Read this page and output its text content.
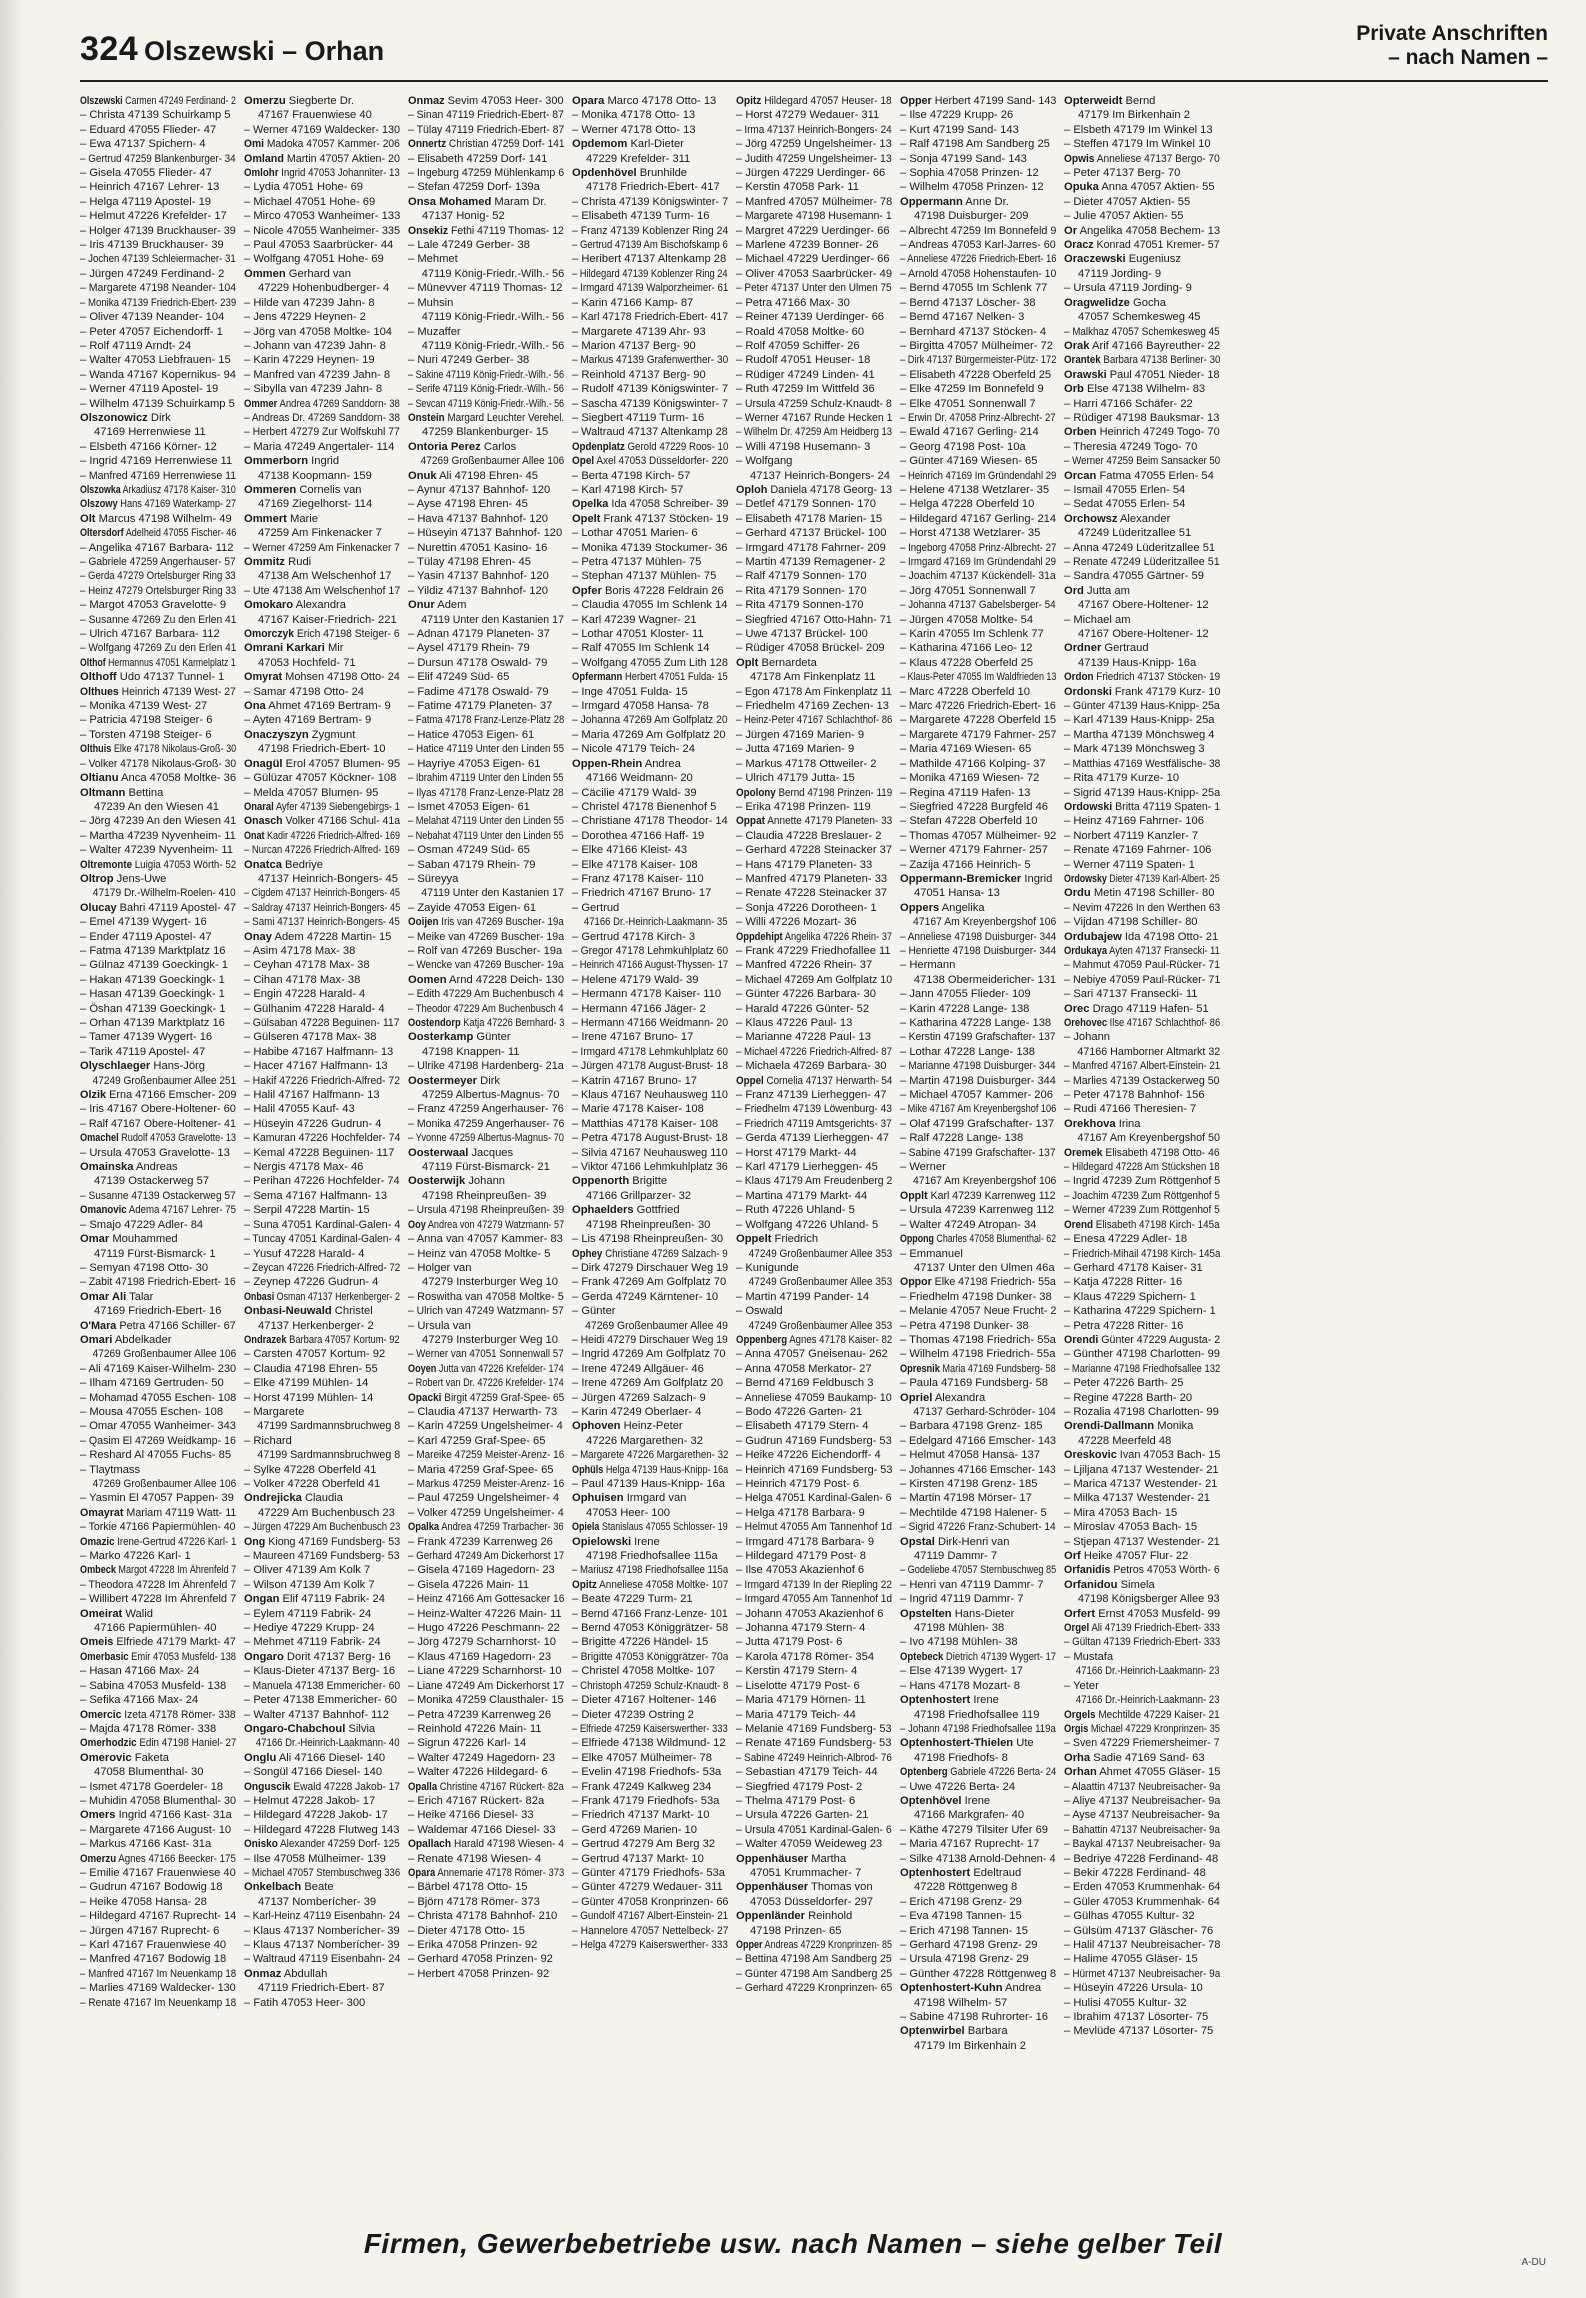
324 Olszewski – Orhan
Private Anschriften
– nach Namen –
Olszewski Carmen 47249 Ferdinand- 2
– Christa 47139 Schuirkamp 5
– Eduard 47055 Flieder- 47
– Ewa 47137 Spichern- 4
– Gertrud 47259 Blankenburger- 34
– Gisela 47055 Flieder- 47
– Heinrich 47167 Lehrer- 13
– Helga 47119 Apostel- 19
– Helmut 47226 Krefelder- 17
– Holger 47139 Bruckhauser- 39
– Iris 47139 Bruckhauser- 39
– Jochen 47139 Schleiermacher- 31
– Jürgen 47249 Ferdinand- 2
– Margarete 47198 Neander- 104
– Monika 47139 Friedrich-Ebert- 239
– Oliver 47139 Neander- 104
– Peter 47057 Eichendorff- 1
– Rolf 47119 Arndt- 24
– Walter 47053 Liebfrauen- 15
– Wanda 47167 Kopernikus- 94
– Werner 47119 Apostel- 19
– Wilhelm 47139 Schuirkamp 5
Olszonowicz Dirk
47169 Herrenwiese 11
– Elsbeth 47166 Körner- 12
– Ingrid 47169 Herrenwiese 11
– Manfred 47169 Herrenwiese 11
Olszowka Arkadiusz 47178 Kaiser- 310
Olszowy Hans 47169 Waterkamp- 27
Olt Marcus 47198 Wilhelm- 49
Oltersdorf Adelheid 47055 Fischer- 46
– Angelika 47167 Barbara- 112
– Gabriele 47259 Angerhauser- 57
– Gerda 47279 Ortelsburger Ring 33
– Heinz 47279 Ortelsburger Ring 33
– Margot 47053 Gravelotte- 9
– Susanne 47269 Zu den Erlen 41
– Ulrich 47167 Barbara- 112
– Wolfgang 47269 Zu den Erlen 41
Olthof Hermannus 47051 Karmelplatz 1
Olthoff Udo 47137 Tunnel- 1
Olthues Heinrich 47139 West- 27
– Monika 47139 West- 27
– Patricia 47198 Steiger- 6
– Torsten 47198 Steiger- 6
Olthuis Elke 47178 Nikolaus-Groß- 30
– Volker 47178 Nikolaus-Groß- 30
Oltianu Anca 47058 Moltke- 36
Oltmann Bettina
47239 An den Wiesen 41
– Jörg 47239 An den Wiesen 41
– Martha 47239 Nyvenheim- 11
– Walter 47239 Nyvenheim- 11
Oltremonte Luigia 47053 Wörth- 52
Oltrop Jens-Uwe
47179 Dr.-Wilhelm-Roelen- 410
Olucay Bahri 47119 Apostel- 47
– Emel 47139 Wygert- 16
– Ender 47119 Apostel- 47
– Fatma 47139 Marktplatz 16
– Gülnaz 47139 Goeckingk- 1
– Hakan 47139 Goeckingk- 1
– Hasan 47139 Goeckingk- 1
– Öshan 47139 Goeckingk- 1
– Orhan 47139 Marktplatz 16
– Tamer 47139 Wygert- 16
– Tarik 47119 Apostel- 47
Olyschlaeger Hans-Jörg
47249 Großenbaumer Allee 251
Olzik Erna 47166 Emscher- 209
– Iris 47167 Obere-Holtener- 60
– Ralf 47167 Obere-Holtener- 41
Omachel Rudolf 47053 Gravelotte- 13
– Ursula 47053 Gravelotte- 13
Omainska Andreas
47139 Ostackerweg 57
– Susanne 47139 Ostackerweg 57
Omanovic Adema 47167 Lehrer- 75
– Smajo 47229 Adler- 84
Omar Mouhammed
47119 Fürst-Bismarck- 1
– Semyan 47198 Otto- 30
– Zabit 47198 Friedrich-Ebert- 16
Omar Ali Talar
47169 Friedrich-Ebert- 16
O'Mara Petra 47166 Schiller- 67
Omari Abdelkader
47269 Großenbaumer Allee 106
– Ali 47169 Kaiser-Wilhelm- 230
– Ilham 47169 Gertruden- 50
– Mohamad 47055 Eschen- 108
– Mousa 47055 Eschen- 108
– Omar 47055 Wanheimer- 343
– Qasim El 47269 Weidkamp- 16
– Reshard Al 47055 Fuchs- 85
– Tlaytmass
47269 Großenbaumer Allee 106
– Yasmin El 47057 Pappen- 39
Omayrat Mariam 47119 Watt- 11
– Torkie 47166 Papiermühlen- 40
Omazic Irene-Gertrud 47226 Karl- 1
– Marko 47226 Karl- 1
Ombeck Margot 47228 Im Ährenfeld 7
– Theodora 47228 Im Ährenfeld 7
– Willibert 47228 Im Ährenfeld 7
Omeirat Walid
47166 Papiermühlen- 40
Omeis Elfriede 47179 Markt- 47
Omerbasic Emir 47053 Musfeld- 138
– Hasan 47166 Max- 24
– Sabina 47053 Musfeld- 138
– Sefika 47166 Max- 24
Omercic Izeta 47178 Römer- 338
– Majda 47178 Römer- 338
Omerhodzic Edin 47198 Haniel- 27
Omerovic Faketa
47058 Blumenthal- 30
– Ismet 47178 Goerdeler- 18
– Muhidin 47058 Blumenthal- 30
Omers Ingrid 47166 Kast- 31a
– Margarete 47166 August- 10
– Markus 47166 Kast- 31a
Omerzu Agnes 47166 Beecker- 175
– Emilie 47167 Frauenwiese 40
– Gudrun 47167 Bodowig 18
– Heike 47058 Hansa- 28
– Hildegard 47167 Ruprecht- 14
– Jürgen 47167 Ruprecht- 6
– Karl 47167 Frauenwiese 40
– Manfred 47167 Bodowig 18
– Manfred 47167 Im Neuenkamp 18
– Marlies 47169 Waldecker- 130
– Renate 47167 Im Neuenkamp 18
Omerzu Siegberte Dr.
47167 Frauenwiese 40
– Werner 47169 Waldecker- 130
Omi Madoka 47057 Kammer- 206
Omland Martin 47057 Aktien- 20
Omlohr Ingrid 47053 Johanniter- 13
– Lydia 47051 Hohe- 69
– Michael 47051 Hohe- 69
– Mirco 47053 Wanheimer- 133
– Nicole 47055 Wanheimer- 335
– Paul 47053 Saarbrücker- 44
– Wolfgang 47051 Hohe- 69
Ommen Gerhard van
47229 Hohenbudberger- 4
– Hilde van 47239 Jahn- 8
– Jens 47229 Heynen- 2
– Jörg van 47058 Moltke- 104
– Johann van 47239 Jahn- 8
– Karin 47229 Heynen- 19
– Manfred van 47239 Jahn- 8
– Sibylla van 47239 Jahn- 8
Ommer Andrea 47269 Sanddorn- 38
– Andreas Dr. 47269 Sanddorn- 38
– Herbert 47279 Zur Wolfskuhl 77
– Maria 47249 Angertaler- 114
Ommerborn Ingrid
47138 Koopmann- 159
Ommeren Cornelis van
47169 Ziegelhorst- 114
Ommert Marie
47259 Am Finkenacker 7
– Werner 47259 Am Finkenacker 7
Ommitz Rudi
47138 Am Welschenhof 17
– Ute 47138 Am Welschenhof 17
Omokaro Alexandra
47167 Kaiser-Friedrich- 221
Omorczyk Erich 47198 Steiger- 6
Omrani Karkari Mir
47053 Hochfeld- 71
Omyrat Mohsen 47198 Otto- 24
– Samar 47198 Otto- 24
Ona Ahmet 47169 Bertram- 9
– Ayten 47169 Bertram- 9
Onaczyszyn Zygmunt
47198 Friedrich-Ebert- 10
Onagül Erol 47057 Blumen- 95
– Gülüzar 47057 Köckner- 108
– Melda 47057 Blumen- 95
Onaral Ayfer 47139 Siebengebirgs- 1
Onasch Volker 47166 Schul- 41a
Onat Kadir 47226 Friedrich-Alfred- 169
– Nurcan 47226 Friedrich-Alfred- 169
Onatca Bedriye
47137 Heinrich-Bongers- 45
– Cigdem 47137 Heinrich-Bongers- 45
– Saldray 47137 Heinrich-Bongers- 45
– Sami 47137 Heinrich-Bongers- 45
Onay Adem 47228 Martin- 15
– Asim 47178 Max- 38
– Ceyhan 47178 Max- 38
– Cihan 47178 Max- 38
– Engin 47228 Harald- 4
– Gülhanim 47228 Harald- 4
– Gülsaban 47228 Beguinen- 117
– Gülseren 47178 Max- 38
– Habibe 47167 Halfmann- 13
– Hacer 47167 Halfmann- 13
– Hakif 47226 Friedrich-Alfred- 72
– Halil 47167 Halfmann- 13
– Halil 47055 Kauf- 43
– Hüseyin 47226 Gudrun- 4
– Kamuran 47226 Hochfelder- 74
– Kemal 47228 Beguinen- 117
– Nergis 47178 Max- 46
– Perihan 47226 Hochfelder- 74
– Sema 47167 Halfmann- 13
– Serpil 47228 Martin- 15
– Suna 47051 Kardinal-Galen- 4
– Tuncay 47051 Kardinal-Galen- 4
– Yusuf 47228 Harald- 4
– Zeycan 47226 Friedrich-Alfred- 72
– Zeynep 47226 Gudrun- 4
Onbasi Osman 47137 Herkenberger- 2
Onbasi-Neuwald Christel
47137 Herkenberger- 2
Ondrazek Barbara 47057 Kortum- 92
– Carsten 47057 Kortum- 92
– Claudia 47198 Ehren- 55
– Elke 47199 Mühlen- 14
– Horst 47199 Mühlen- 14
– Margarete
47199 Sardmannsbruchweg 8
– Richard
47199 Sardmannsbruchweg 8
– Sylke 47228 Oberfeld 41
– Volker 47228 Oberfeld 41
Ondrejicka Claudia
47229 Am Buchenbusch 23
– Jürgen 47229 Am Buchenbusch 23
Ong Kiong 47169 Fundsberg- 53
– Maureen 47169 Fundsberg- 53
– Oliver 47139 Am Kolk 7
– Wilson 47139 Am Kolk 7
Ongan Elif 47119 Fabrik- 24
– Eylem 47119 Fabrik- 24
– Hediye 47229 Krupp- 24
– Mehmet 47119 Fabrik- 24
Ongaro Dorit 47137 Berg- 16
– Klaus-Dieter 47137 Berg- 16
– Manuela 47138 Emmericher- 60
– Peter 47138 Emmericher- 60
– Walter 47137 Bahnhof- 112
Ongaro-Chabchoul Silvia
47166 Dr.-Heinrich-Laakmann- 40
Onglu Ali 47166 Diesel- 140
– Songül 47166 Diesel- 140
Onguscik Ewald 47228 Jakob- 17
– Helmut 47228 Jakob- 17
– Hildegard 47228 Jakob- 17
– Hildegard 47228 Flutweg 143
Onisko Alexander 47259 Dorf- 125
– Ilse 47058 Mülheimer- 139
– Michael 47057 Sternbuschweg 336
Onkelbach Beate
47137 Nomberícher- 39
– Karl-Heinz 47119 Eisenbahn- 24
– Klaus 47137 Nomberícher- 39
– Klaus 47137 Nomberícher- 39
– Waltraud 47119 Eisenbahn- 24
Onmaz Abdullah
47119 Friedrich-Ebert- 87
– Fatih 47053 Heer- 300
Onmaz Sevim 47053 Heer- 300
– Sinan 47119 Friedrich-Ebert- 87
– Tülay 47119 Friedrich-Ebert- 87
Onnertz Christian 47259 Dorf- 141
– Elisabeth 47259 Dorf- 141
– Ingeburg 47259 Mühlenkamp 6
– Stefan 47259 Dorf- 139a
Onsa Mohamed Maram Dr.
47137 Honig- 52
Onsekiz Fethi 47119 Thomas- 12
– Lale 47249 Gerber- 38
– Mehmet
47119 König-Friedr.-Wilh.- 56
– Münevver 47119 Thomas- 12
– Muhsin
47119 König-Friedr.-Wilh.- 56
– Muzaffer
47119 König-Friedr.-Wilh.- 56
– Nuri 47249 Gerber- 38
– Sakine 47119 König-Friedr.-Wilh.- 56
– Serife 47119 König-Friedr.-Wilh.- 56
– Sevcan 47119 König-Friedr.-Wilh.- 56
Onstein Margard Leuchter Verehel.
47259 Blankenburger- 15
Ontoria Perez Carlos
47269 Großenbaumer Allee 106
Onuk Ali 47198 Ehren- 45
– Aynur 47137 Bahnhof- 120
– Ayse 47198 Ehren- 45
– Hava 47137 Bahnhof- 120
– Hüseyin 47137 Bahnhof- 120
– Nurettin 47051 Kasino- 16
– Tülay 47198 Ehren- 45
– Yasin 47137 Bahnhof- 120
– Yildiz 47137 Bahnhof- 120
Onur Adem
47119 Unter den Kastanien 17
– Adnan 47179 Planeten- 37
– Aysel 47179 Rhein- 79
– Dursun 47178 Oswald- 79
– Elif 47249 Süd- 65
– Fadime 47178 Oswald- 79
– Fatime 47179 Planeten- 37
– Fatma 47178 Franz-Lenze-Platz 28
– Hatice 47053 Eigen- 61
– Hatice 47119 Unter den Linden 55
– Hayriye 47053 Eigen- 61
– Ibrahim 47119 Unter den Linden 55
– Ilyas 47178 Franz-Lenze-Platz 28
– Ismet 47053 Eigen- 61
– Melahat 47119 Unter den Linden 55
– Nebahat 47119 Unter den Linden 55
– Osman 47249 Süd- 65
– Saban 47179 Rhein- 79
– Süreyya
47119 Unter den Kastanien 17
– Zayide 47053 Eigen- 61
Ooijen Iris van 47269 Buscher- 19a
– Meike van 47269 Buscher- 19a
– Rolf van 47269 Buscher- 19a
– Wencke van 47269 Buscher- 19a
Oomen Arnd 47228 Deich- 130
– Edith 47229 Am Buchenbusch 4
– Theodor 47229 Am Buchenbusch 4
Oostendorp Katja 47226 Bernhard- 3
Oosterkamp Günter
47198 Knappen- 11
– Ulrike 47198 Hardenberg- 21a
Oostermeyer Dirk
47259 Albertus-Magnus- 70
– Franz 47259 Angerhauser- 76
– Monika 47259 Angerhauser- 76
– Yvonne 47259 Albertus-Magnus- 70
Oosterwaal Jacques
47119 Fürst-Bismarck- 21
Oosterwijk Johann
47198 Rheinpreußen- 39
– Ursula 47198 Rheinpreußen- 39
Ooy Andrea von 47279 Watzmann- 57
– Anna van 47057 Kammer- 83
– Heinz van 47058 Moltke- 5
– Holger van
47279 Insterburger Weg 10
– Roswitha van 47058 Moltke- 5
– Ulrich van 47249 Watzmann- 57
– Ursula van
47279 Insterburger Weg 10
– Werner van 47051 Sonnenwall 57
Ooyen Jutta van 47226 Krefelder- 174
– Robert van Dr. 47226 Krefelder- 174
Opacki Birgit 47259 Graf-Spee- 65
– Claudia 47137 Herwarth- 73
– Karin 47259 Ungelsheimer- 4
– Karl 47259 Graf-Spee- 65
– Mareike 47259 Meister-Arenz- 16
– Maria 47259 Graf-Spee- 65
– Markus 47259 Meister-Arenz- 16
– Paul 47259 Ungelsheimer- 4
– Volker 47259 Ungelsheimer- 4
Opalka Andrea 47259 Trarbacher- 36
– Frank 47239 Karrenweg 26
– Gerhard 47249 Am Dickerhorst 17
– Gisela 47169 Hagedorn- 23
– Gisela 47226 Main- 11
– Heinz 47166 Am Gottesacker 16
– Heinz-Walter 47226 Main- 11
– Hugo 47226 Peschmann- 22
– Jörg 47279 Scharnhorst- 10
– Klaus 47169 Hagedorn- 23
– Liane 47229 Scharnhorst- 10
– Liane 47249 Am Dickerhorst 17
– Monika 47259 Clausthaler- 15
– Petra 47239 Karrenweg 26
– Reinhold 47226 Main- 11
– Sigrun 47226 Karl- 14
– Walter 47249 Hagedorn- 23
– Walter 47226 Hildegard- 6
Opalla Christine 47167 Rückert- 82a
– Erich 47167 Rückert- 82a
– Heike 47166 Diesel- 33
– Waldemar 47166 Diesel- 33
Opallach Harald 47198 Wiesen- 4
– Renate 47198 Wiesen- 4
Opara Annemarie 47178 Römer- 373
– Bärbel 47178 Otto- 15
– Björn 47178 Römer- 373
– Christa 47178 Bahnhof- 210
– Dieter 47178 Otto- 15
– Erika 47058 Prinzen- 92
– Gerhard 47058 Prinzen- 92
– Herbert 47058 Prinzen- 92
Opara Marco 47178 Otto- 13
– Monika 47178 Otto- 13
– Werner 47178 Otto- 13
Opdemom Karl-Dieter
47229 Krefelder- 311
Opdenhövel Brunhilde
47178 Friedrich-Ebert- 417
– Christa 47139 Königswinter- 7
– Elisabeth 47139 Turm- 16
– Franz 47139 Koblenzer Ring 24
– Gertrud 47139 Am Bischofskamp 6
– Heribert 47137 Altenkamp 28
– Hildegard 47139 Koblenzer Ring 24
– Irmgard 47139 Walporzheimer- 61
– Karin 47166 Kamp- 87
– Karl 47178 Friedrich-Ebert- 417
– Margarete 47139 Ahr- 93
– Marion 47137 Berg- 90
– Markus 47139 Grafenwerther- 30
– Reinhold 47137 Berg- 90
– Rudolf 47139 Königswinter- 7
– Sascha 47139 Königswinter- 7
– Siegbert 47119 Turm- 16
– Waltraud 47137 Altenkamp 28
Opdenplatz Gerold 47229 Roos- 10
Opel Axel 47053 Düsseldorfer- 220
– Berta 47198 Kirch- 57
– Karl 47198 Kirch- 57
Opelka Ida 47058 Schreiber- 39
Opelt Frank 47137 Stöcken- 19
– Lothar 47051 Marien- 6
– Monika 47139 Stockumer- 36
– Petra 47137 Mühlen- 75
– Stephan 47137 Mühlen- 75
Opfer Boris 47228 Feldrain 26
– Claudia 47055 Im Schlenk 14
– Karl 47239 Wagner- 21
– Lothar 47051 Kloster- 11
– Ralf 47055 Im Schlenk 14
– Wolfgang 47055 Zum Lith 128
Opfermann Herbert 47051 Fulda- 15
– Inge 47051 Fulda- 15
– Irmgard 47058 Hansa- 78
– Johanna 47269 Am Golfplatz 20
– Maria 47269 Am Golfplatz 20
– Nicole 47179 Teich- 24
Oppen-Rhein Andrea
47166 Weidmann- 20
– Cäcilie 47179 Wald- 39
– Christel 47178 Bienenhof 5
– Christiane 47178 Theodor- 14
– Dorothea 47166 Haff- 19
– Elke 47166 Kleist- 43
– Elke 47178 Kaiser- 108
– Franz 47178 Kaiser- 110
– Friedrich 47167 Bruno- 17
– Gertrud
47166 Dr.-Heinrich-Laakmann- 35
– Gertrud 47178 Kirch- 3
– Gregor 47178 Lehmkuhlplatz 60
– Heinrich 47166 August-Thyssen- 17
– Helene 47179 Wald- 39
– Hermann 47178 Kaiser- 110
– Hermann 47166 Jäger- 2
– Hermann 47166 Weidmann- 20
– Irene 47167 Bruno- 17
– Irmgard 47178 Lehmkuhlplatz 60
– Jürgen 47178 August-Brust- 18
– Katrin 47167 Bruno- 17
– Klaus 47167 Neuhausweg 110
– Marie 47178 Kaiser- 108
– Matthias 47178 Kaiser- 108
– Petra 47178 August-Brust- 18
– Silvia 47167 Neuhausweg 110
– Viktor 47166 Lehmkuhlplatz 36
Oppenorth Brigitte
47166 Grillparzer- 32
Ophaelders Gottfried
47198 Rheinpreußen- 30
– Lis 47198 Rheinpreußen- 30
Ophey Christiane 47269 Salzach- 9
– Dirk 47279 Dirschauer Weg 19
– Frank 47269 Am Golfplatz 70
– Gerda 47249 Kärntener- 10
– Günter
47269 Großenbaumer Allee 49
– Heidi 47279 Dirschauer Weg 19
– Ingrid 47269 Am Golfplatz 70
– Irene 47249 Allgäuer- 46
– Irene 47269 Am Golfplatz 20
– Jürgen 47269 Salzach- 9
– Karin 47249 Oberlaer- 4
Ophoven Heinz-Peter
47226 Margarethen- 32
– Margarete 47226 Margarethen- 32
Ophüls Helga 47139 Haus-Knipp- 16a
– Paul 47139 Haus-Knipp- 16a
Ophuisen Irmgard van
47053 Heer- 100
Opiela Stanislaus 47055 Schlosser- 19
Opielowski Irene
47198 Friedhofsallee 115a
– Mariusz 47198 Friedhofsallee 115a
Opitz Anneliese 47058 Moltke- 107
– Beate 47229 Turm- 21
– Bernd 47166 Franz-Lenze- 101
– Bernd 47053 Königgrätzer- 58
– Brigitte 47226 Händel- 15
– Brigitte 47053 Königgrätzer- 70a
– Christel 47058 Moltke- 107
– Christoph 47259 Schulz-Knaudt- 8
– Dieter 47167 Holtener- 146
– Dieter 47239 Ostring 2
– Elfriede 47259 Kaiserswerther- 333
– Elfriede 47138 Wildmund- 12
– Elke 47057 Mülheimer- 78
– Evelin 47198 Friedhofs- 53a
– Frank 47249 Kalkweg 234
– Frank 47179 Friedhofs- 53a
– Friedrich 47137 Markt- 10
– Gerd 47269 Marien- 10
– Gertrud 47279 Am Berg 32
– Gertrud 47137 Markt- 10
– Günter 47179 Friedhofs- 53a
– Günter 47279 Wedauer- 311
– Günter 47058 Kronprinzen- 66
– Gundolf 47167 Albert-Einstein- 21
– Hannelore 47057 Nettelbeck- 27
– Helga 47279 Kaiserswerther- 333
Opitz Hildegard 47057 Heuser- 18
– Horst 47279 Wedauer- 311
– Irma 47137 Heinrich-Bongers- 24
– Jörg 47259 Ungelsheimer- 13
– Judith 47259 Ungelsheimer- 13
– Jürgen 47229 Uerdinger- 66
– Kerstin 47058 Park- 11
– Manfred 47057 Mülheimer- 78
– Margarete 47198 Husemann- 1
– Margret 47229 Uerdinger- 66
– Marlene 47239 Bonner- 26
– Michael 47229 Uerdinger- 66
– Oliver 47053 Saarbrücker- 49
– Peter 47137 Unter den Ulmen 75
– Petra 47166 Max- 30
– Reiner 47139 Uerdinger- 66
– Roald 47058 Moltke- 60
– Rolf 47059 Schiffer- 26
– Rudolf 47051 Heuser- 18
– Rüdiger 47249 Linden- 41
– Ruth 47259 Im Wittfeld 36
– Ursula 47259 Schulz-Knaudt- 8
– Werner 47167 Runde Hecken 1
– Wilhelm Dr. 47259 Am Heidberg 13
– Willi 47198 Husemann- 3
– Wolfgang
47137 Heinrich-Bongers- 24
Oploh Daniela 47178 Georg- 13
– Detlef 47179 Sonnen- 170
– Elisabeth 47178 Marien- 15
– Gerhard 47137 Brückel- 100
– Irmgard 47178 Fahrner- 209
– Martin 47139 Remagener- 2
– Ralf 47179 Sonnen- 170
– Rita 47179 Sonnen- 170
– Rita 47179 Sonnen-170
– Siegfried 47167 Otto-Hahn- 71
– Uwe 47137 Brückel- 100
– Rüdiger 47058 Brückel- 209
Oplt Bernardeta
47178 Am Finkenplatz 11
– Egon 47178 Am Finkenplatz 11
– Friedhelm 47169 Zechen- 13
– Heinz-Peter 47167 Schlachthof- 86
– Jürgen 47169 Marien- 9
– Jutta 47169 Marien- 9
– Markus 47178 Ottweiler- 2
– Ulrich 47179 Jutta- 15
Opolony Bernd 47198 Prinzen- 119
– Erika 47198 Prinzen- 119
Oppat Annette 47179 Planeten- 33
– Claudia 47228 Breslauer- 2
– Gerhard 47228 Steinacker 37
– Hans 47179 Planeten- 33
– Manfred 47179 Planeten- 33
– Renate 47228 Steinacker 37
– Sonja 47226 Dorotheen- 1
– Willi 47226 Mozart- 36
Oppdehipt Angelika 47226 Rhein- 37
– Frank 47229 Friedhofallee 11
– Manfred 47226 Rhein- 37
– Michael 47269 Am Golfplatz 10
– Günter 47226 Barbara- 30
– Harald 47226 Günter- 52
– Klaus 47226 Paul- 13
– Marianne 47228 Paul- 13
– Michael 47226 Friedrich-Alfred- 87
– Michaela 47269 Barbara- 30
Oppel Cornelia 47137 Herwarth- 54
– Franz 47139 Lierheggen- 47
– Friedhelm 47139 Löwenburg- 43
– Friedrich 47119 Amtsgerichts- 37
– Gerda 47139 Lierheggen- 47
– Horst 47179 Markt- 44
– Karl 47179 Lierheggen- 45
– Klaus 47179 Am Freudenberg 2
– Martina 47179 Markt- 44
– Ruth 47226 Uhland- 5
– Wolfgang 47226 Uhland- 5
Oppelt Friedrich
47249 Großenbaumer Allee 353
– Kunigunde
47249 Großenbaumer Allee 353
– Martin 47199 Pander- 14
– Oswald
47249 Großenbaumer Allee 353
Oppenberg Agnes 47178 Kaiser- 82
– Anna 47057 Gneisenau- 262
– Anna 47058 Merkator- 27
– Bernd 47169 Feldbusch 3
– Anneliese 47059 Baukamp- 10
– Bodo 47226 Garten- 21
– Elisabeth 47179 Stern- 4
– Gudrun 47169 Fundsberg- 53
– Heike 47226 Eichendorff- 4
– Heinrich 47169 Fundsberg- 53
– Heinrich 47179 Post- 6
– Helga 47051 Kardinal-Galen- 6
– Helga 47178 Barbara- 9
– Helmut 47055 Am Tannenhof 1d
– Irmgard 47178 Barbara- 9
– Hildegard 47179 Post- 8
– Ilse 47053 Akazienhof 6
– Irmgard 47139 In der Riepling 22
– Irmgard 47055 Am Tannenhof 1d
– Johann 47053 Akazienhof 6
– Johanna 47179 Stern- 4
– Jutta 47179 Post- 6
– Karola 47178 Römer- 354
– Kerstin 47179 Stern- 4
– Liselotte 47179 Post- 6
– Maria 47179 Hörnen- 11
– Maria 47179 Teich- 44
– Melanie 47169 Fundsberg- 53
– Renate 47169 Fundsberg- 53
– Sabine 47249 Heinrich-Albrod- 76
– Sebastian 47179 Teich- 44
– Siegfried 47179 Post- 2
– Thelma 47179 Post- 6
– Ursula 47226 Garten- 21
– Ursula 47051 Kardinal-Galen- 6
– Walter 47059 Weideweg 23
Oppenhäuser Martha
47051 Krummacher- 7
Oppenhäuser Thomas von
47053 Düsseldorfer- 297
Oppenländer Reinhold
47198 Prinzen- 65
Opper Andreas 47229 Kronprinzen- 85
– Bettina 47198 Am Sandberg 25
– Günter 47198 Am Sandberg 25
– Gerhard 47229 Kronprinzen- 65
Opper Herbert 47199 Sand- 143
– Ilse 47229 Krupp- 26
– Kurt 47199 Sand- 143
– Ralf 47198 Am Sandberg 25
– Sonja 47199 Sand- 143
– Sophia 47058 Prinzen- 12
– Wilhelm 47058 Prinzen- 12
Oppermann Anne Dr.
47198 Duisburger- 209
– Albrecht 47259 Im Bonnefeld 9
– Andreas 47053 Karl-Jarres- 60
– Anneliese 47226 Friedrich-Ebert- 16
– Arnold 47058 Hohenstaufen- 10
– Bernd 47055 Im Schlenk 77
– Bernd 47137 Löscher- 38
– Bernd 47167 Nelken- 3
– Bernhard 47137 Stöcken- 4
– Birgitta 47057 Mülheimer- 72
– Dirk 47137 Bürgermeister-Pütz- 172
– Elisabeth 47228 Oberfeld 25
– Elke 47259 Im Bonnefeld 9
– Elke 47051 Sonnenwall 7
– Erwin Dr. 47058 Prinz-Albrecht- 27
– Ewald 47167 Gerling- 214
– Georg 47198 Post- 10a
– Günter 47169 Wiesen- 65
– Heinrich 47169 Im Gründendahl 29
– Helene 47138 Wetzlarer- 35
– Helga 47228 Oberfeld 10
– Hildegard 47167 Gerling- 214
– Horst 47138 Wetzlarer- 35
– Ingeborg 47058 Prinz-Albrecht- 27
– Irmgard 47169 Im Gründendahl 29
– Joachim 47137 Kückendell- 31a
– Jörg 47051 Sonnenwall 7
– Johanna 47137 Gabelsberger- 54
– Jürgen 47058 Moltke- 54
– Karin 47055 Im Schlenk 77
– Katharina 47166 Leo- 12
– Klaus 47228 Oberfeld 25
– Klaus-Peter 47055 Im Waldfrieden 13
– Marc 47228 Oberfeld 10
– Marc 47226 Friedrich-Ebert- 16
– Margarete 47228 Oberfeld 15
– Margarete 47179 Fahrner- 257
– Maria 47169 Wiesen- 65
– Mathilde 47166 Kolping- 37
– Monika 47169 Wiesen- 72
– Regina 47119 Hafen- 13
– Siegfried 47228 Burgfeld 46
– Stefan 47228 Oberfeld 10
– Thomas 47057 Mülheimer- 92
– Werner 47179 Fahrner- 257
– Zazija 47166 Heinrich- 5
Oppermann-Bremicker Ingrid
47051 Hansa- 13
Oppers Angelika
47167 Am Kreyenbergshof 106
– Anneliese 47198 Duisburger- 344
– Henriette 47198 Duisburger- 344
– Hermann
47138 Obermeidericher- 131
– Jann 47055 Flieder- 109
– Karin 47228 Lange- 138
– Katharina 47228 Lange- 138
– Kerstin 47199 Grafschafter- 137
– Lothar 47228 Lange- 138
– Marianne 47198 Duisburger- 344
– Martin 47198 Duisburger- 344
– Michael 47057 Kammer- 206
– Mike 47167 Am Kreyenbergshof 106
– Olaf 47199 Grafschafter- 137
– Ralf 47228 Lange- 138
– Sabine 47199 Grafschafter- 137
– Werner
47167 Am Kreyenbergshof 106
Opplt Karl 47239 Karrenweg 112
– Ursula 47239 Karrenweg 112
– Walter 47249 Atropan- 34
Oppong Charles 47058 Blumenthal- 62
– Emmanuel
47137 Unter den Ulmen 46a
Oppor Elke 47198 Friedrich- 55a
– Friedhelm 47198 Dunker- 38
– Melanie 47057 Neue Frucht- 2
– Petra 47198 Dunker- 38
– Thomas 47198 Friedrich- 55a
– Wilhelm 47198 Friedrich- 55a
Opresnik Maria 47169 Fundsberg- 58
– Paula 47169 Fundsberg- 58
Opriel Alexandra
47137 Gerhard-Schröder- 104
– Barbara 47198 Grenz- 185
– Edelgard 47166 Emscher- 143
– Helmut 47058 Hansa- 137
– Johannes 47166 Emscher- 143
– Kirsten 47198 Grenz- 185
– Martin 47198 Mörser- 17
– Mechtilde 47198 Halener- 5
– Sigrid 47226 Franz-Schubert- 14
Opstal Dirk-Henri van
47119 Dammr- 7
– Godeliebe 47057 Sternbuschweg 85
– Henri van 47119 Dammr- 7
– Ingrid 47119 Dammr- 7
Opstelten Hans-Dieter
47198 Mühlen- 38
– Ivo 47198 Mühlen- 38
Optebeck Dietrich 47139 Wygert- 17
– Else 47139 Wygert- 17
– Hans 47178 Mozart- 8
Optenhostert Irene
47198 Friedhofsallee 119
– Johann 47198 Friedhofsallee 119a
Optenhostert-Thielen Ute
47198 Friedhofs- 8
Optenberg Gabriele 47226 Berta- 24
– Uwe 47226 Berta- 24
Optenhövel Irene
47166 Markgrafen- 40
– Käthe 47279 Tilsiter Ufer 69
– Maria 47167 Ruprecht- 17
– Silke 47138 Arnold-Dehnen- 4
Optenhostert Edeltraud
47228 Röttgenweg 8
– Erich 47198 Grenz- 29
– Eva 47198 Tannen- 15
– Erich 47198 Tannen- 15
– Gerhard 47198 Grenz- 29
– Ursula 47198 Grenz- 29
– Günther 47228 Röttgenweg 8
Optenhostert-Kuhn Andrea
47198 Wilhelm- 57
– Sabine 47198 Ruhrorter- 16
Optenwirbel Barbara
47179 Im Birkenhain 2
Opterweidt Bernd
47179 Im Birkenhain 2
– Elsbeth 47179 Im Winkel 13
– Steffen 47179 Im Winkel 10
Opwis Anneliese 47137 Bergo- 70
– Peter 47137 Berg- 70
Opuka Anna 47057 Aktien- 55
– Dieter 47057 Aktien- 55
– Julie 47057 Aktien- 55
Or Angelika 47058 Bechem- 13
Oracz Konrad 47051 Kremer- 57
Oraczewski Eugeniusz
47119 Jording- 9
– Ursula 47119 Jording- 9
Oragwelidze Gocha
47057 Schemkesweg 45
– Malkhaz 47057 Schemkesweg 45
Orak Arif 47166 Bayreuther- 22
Orantek Barbara 47138 Berliner- 30
Orawski Paul 47051 Nieder- 18
Orb Else 47138 Wilhelm- 83
– Harri 47166 Schäfer- 22
– Rüdiger 47198 Bauksmar- 13
Orben Heinrich 47249 Togo- 70
– Theresia 47249 Togo- 70
– Werner 47259 Beim Sansacker 50
Orcan Fatma 47055 Erlen- 54
– Ismail 47055 Erlen- 54
– Sedat 47055 Erlen- 54
Orchowsz Alexander
47249 Lüderitzallee 51
– Anna 47249 Lüderitzallee 51
– Renate 47249 Lüderitzallee 51
– Sandra 47055 Gärtner- 59
Ord Jutta am
47167 Obere-Holtener- 12
– Michael am
47167 Obere-Holtener- 12
Ordner Gertraud
47139 Haus-Knipp- 16a
Ordon Friedrich 47137 Stöcken- 19
Ordonski Frank 47179 Kurz- 10
– Günter 47139 Haus-Knipp- 25a
– Karl 47139 Haus-Knipp- 25a
– Martha 47139 Mönchsweg 4
– Mark 47139 Mönchsweg 3
– Matthias 47169 Westfälische- 38
– Rita 47179 Kurze- 10
– Sigrid 47139 Haus-Knipp- 25a
Ordowski Britta 47119 Spaten- 1
– Heinz 47169 Fahrner- 106
– Norbert 47119 Kanzler- 7
– Renate 47169 Fahrner- 106
– Werner 47119 Spaten- 1
Ordowsky Dieter 47139 Karl-Albert- 25
Ordu Metin 47198 Schiller- 80
– Nevim 47226 In den Werthen 63
– Vijdan 47198 Schiller- 80
Ordubajew Ida 47198 Otto- 21
Ordukaya Ayten 47137 Franseckі- 11
– Mahmut 47059 Paul-Rücker- 71
– Nebiye 47059 Paul-Rücker- 71
– Sari 47137 Franseckі- 11
Orec Drago 47119 Hafen- 51
Orehovec Ilse 47167 Schlachthof- 86
– Johann
47166 Hamborner Altmarkt 32
– Manfred 47167 Albert-Einstein- 21
– Marlies 47139 Ostackerweg 50
– Peter 47178 Bahnhof- 156
– Rudi 47166 Theresien- 7
Orekhova Irina
47167 Am Kreyenbergshof 50
Oremek Elisabeth 47198 Otto- 46
– Hildegard 47228 Am Stückshen 18
– Ingrid 47239 Zum Röttgenhof 5
– Joachim 47239 Zum Röttgenhof 5
– Werner 47239 Zum Röttgenhof 5
Orend Elisabeth 47198 Kirch- 145a
– Enesa 47229 Adler- 18
– Friedrich-Mihail 47198 Kirch- 145a
– Gerhard 47178 Kaiser- 31
– Katja 47228 Ritter- 16
– Klaus 47229 Spichern- 1
– Katharina 47229 Spichern- 1
– Petra 47228 Ritter- 16
Orendi Günter 47229 Augusta- 2
– Günther 47198 Charlotten- 99
– Marianne 47198 Friedhofsallee 132
– Peter 47226 Barth- 25
– Regine 47228 Barth- 20
– Rozalia 47198 Charlotten- 99
Orendi-Dallmann Monika
47228 Meerfeld 48
Oreskovic Ivan 47053 Bach- 15
– Ljiljana 47137 Westender- 21
– Marica 47137 Westender- 21
– Milka 47137 Westender- 21
– Mira 47053 Bach- 15
– Miroslav 47053 Bach- 15
– Stjepan 47137 Westender- 21
Orf Heike 47057 Flur- 22
Orfanidis Petros 47053 Wörth- 6
Orfanidou Simela
47198 Königsberger Allee 93
Orfert Ernst 47053 Musfeld- 99
Orgel Ali 47139 Friedrich-Ebert- 333
– Gültan 47139 Friedrich-Ebert- 333
– Mustafa
47166 Dr.-Heinrich-Laakmann- 23
– Yeter
47166 Dr.-Heinrich-Laakmann- 23
Orgels Mechtilde 47229 Kaiser- 21
Orgis Michael 47229 Kronprinzen- 35
– Sven 47229 Friemersheimer- 7
Orha Sadie 47169 Sand- 63
Orhan Ahmet 47055 Gläser- 15
– Alaattin 47137 Neubreisacher- 9a
– Aliye 47137 Neubreisacher- 9a
– Ayse 47137 Neubreisacher- 9a
– Bahattin 47137 Neubreisacher- 9a
– Baykal 47137 Neubreisacher- 9a
– Bedriye 47228 Ferdinand- 48
– Bekir 47228 Ferdinand- 48
– Erden 47053 Krummenhak- 64
– Güler 47053 Krummenhak- 64
– Gülhas 47055 Kultur- 32
– Gülsüm 47137 Gläscher- 76
– Halil 47137 Neubreisacher- 78
– Halime 47055 Gläser- 15
– Hürmet 47137 Neubreisacher- 9a
– Hüseyin 47226 Ursula- 10
– Hulisi 47055 Kultur- 32
– Ibrahim 47137 Lösorter- 75
– Mevlüde 47137 Lösorter- 75
Firmen, Gewerbebetriebe usw. nach Namen – siehe gelber Teil
A-DU
